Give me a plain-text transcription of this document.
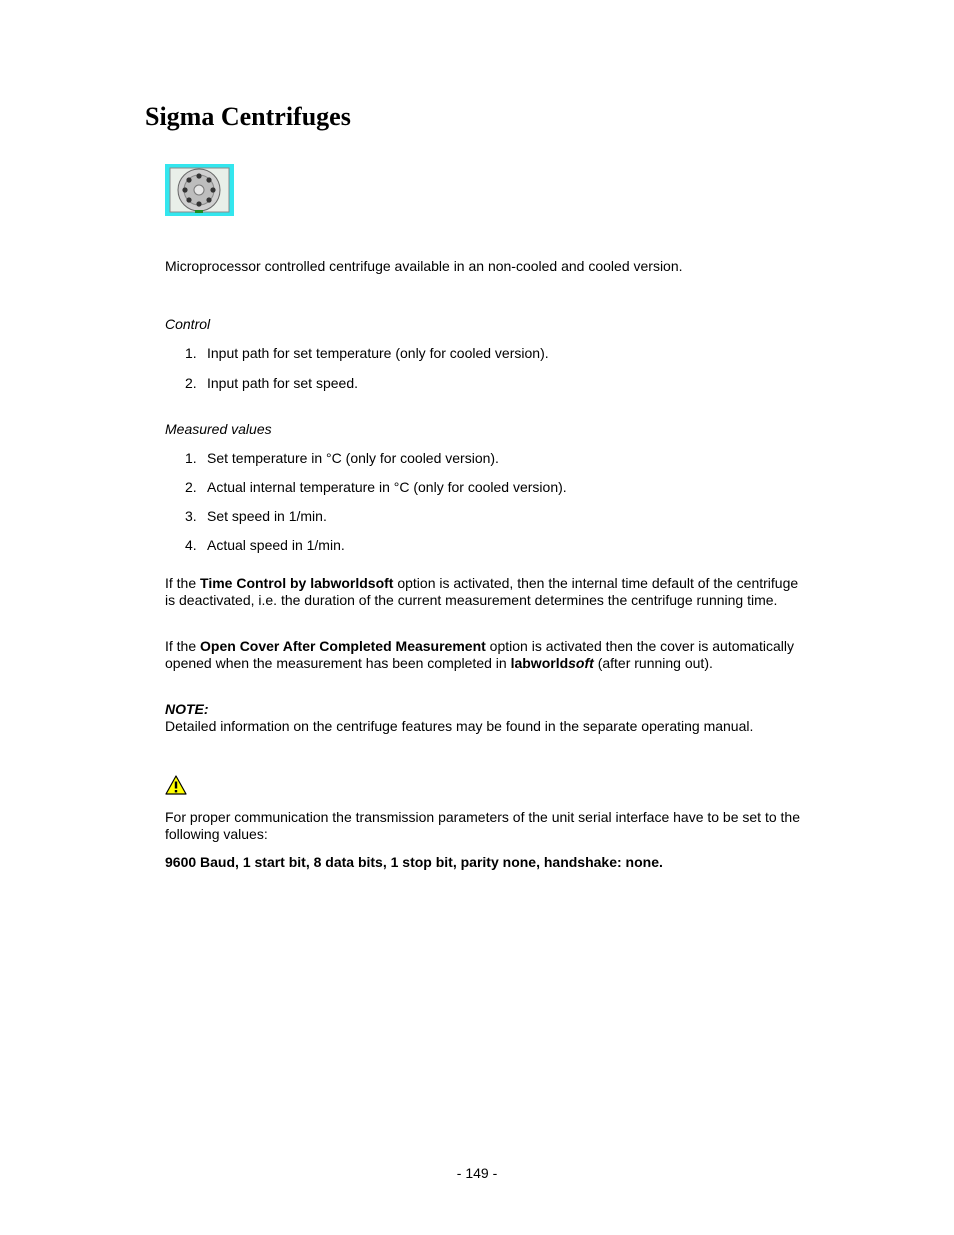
Sigma Centrifuges

Microprocessor controlled centrifuge available in an non-cooled and cooled version.

Control

1. Input path for set temperature (only for cooled version).
2. Input path for set speed.

Measured values

1. Set temperature in °C (only for cooled version).
2. Actual internal temperature in °C (only for cooled version).
3. Set speed in 1/min.
4. Actual speed in 1/min.

If the Time Control by labworldsoft option is activated, then the internal time default of the centrifuge is deactivated, i.e. the duration of the current measurement determines the centrifuge running time.

If the Open Cover After Completed Measurement option is activated then the cover is automatically opened when the measurement has been completed in labworldsoft (after running out).

NOTE:
Detailed information on the centrifuge features may be found in the separate operating manual.

For proper communication the transmission parameters of the unit serial interface have to be set to the following values:

9600 Baud, 1 start bit, 8 data bits, 1 stop bit, parity none, handshake: none.

- 149 -
